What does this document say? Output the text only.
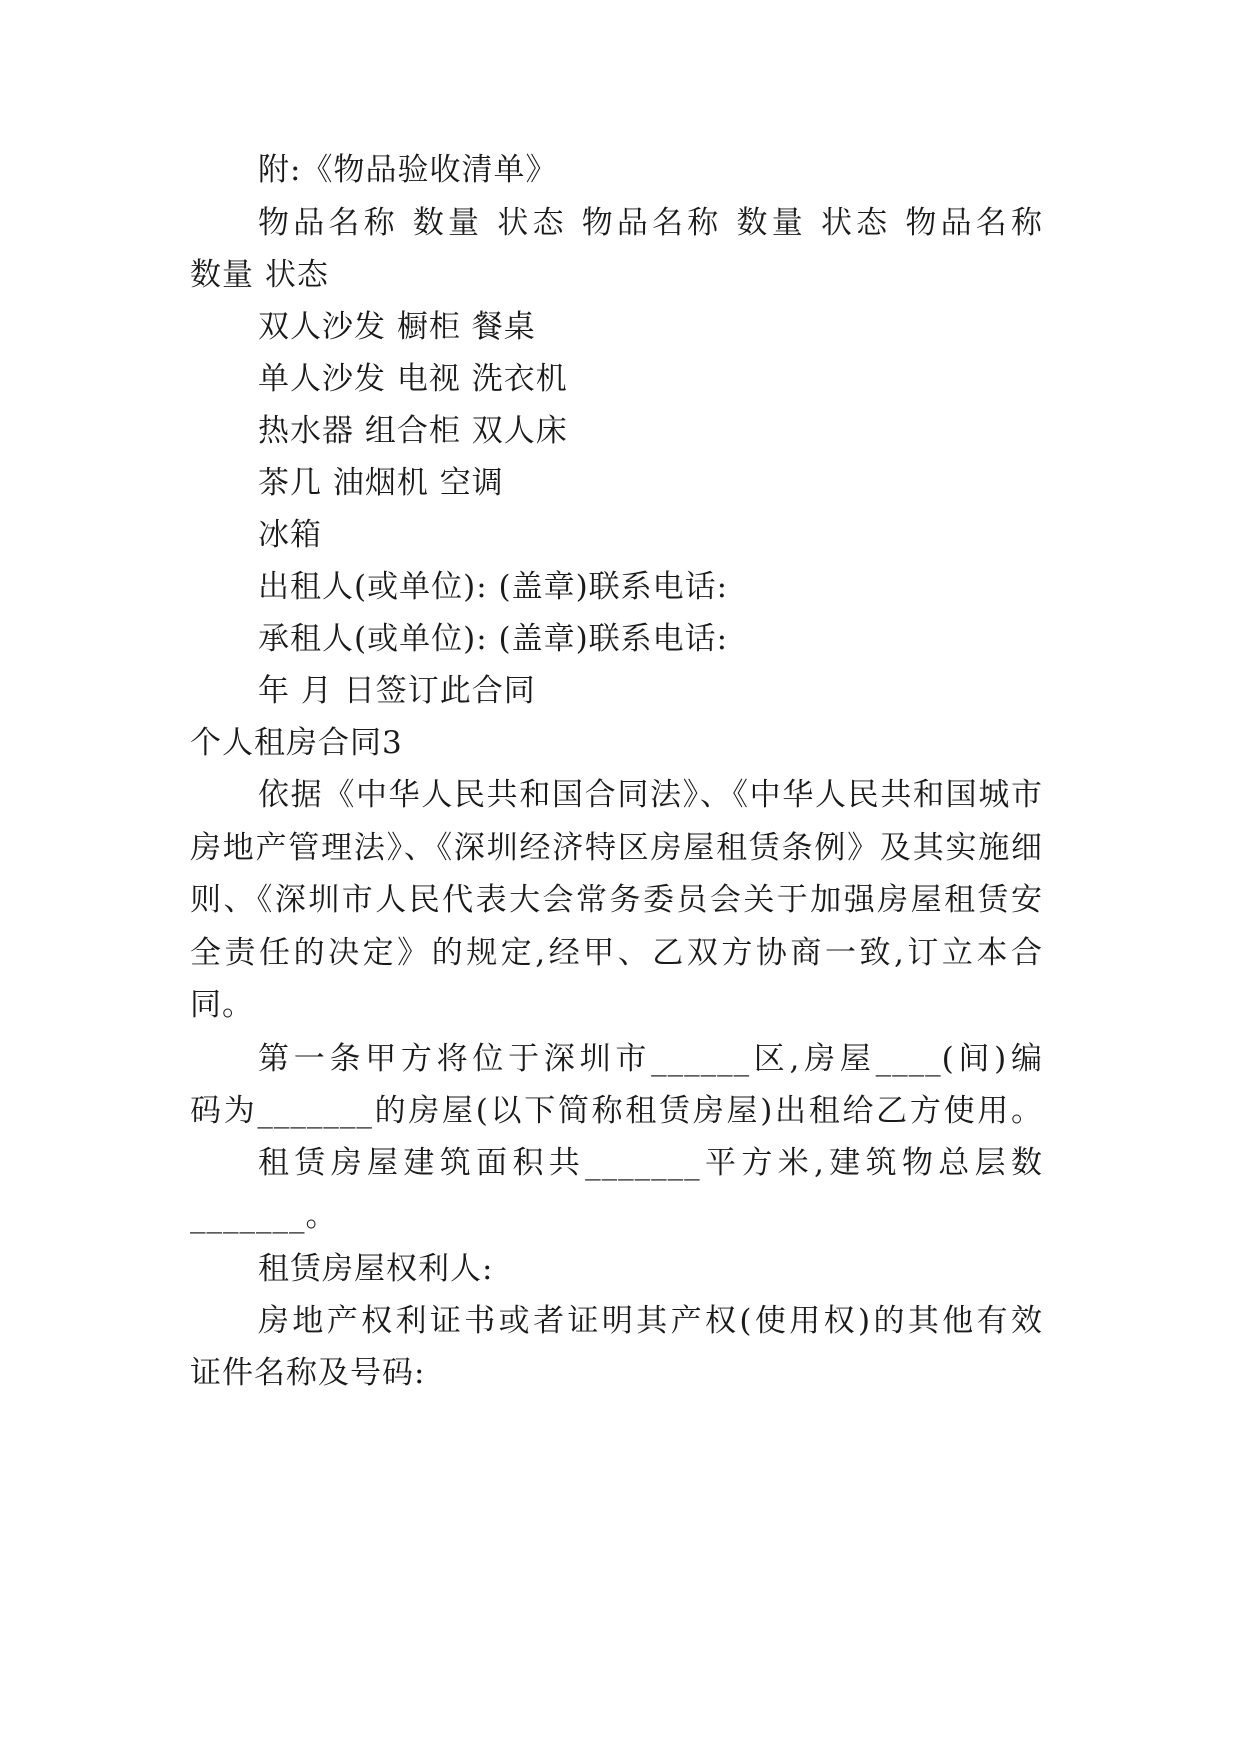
附:《物品验收清单》
物品名称 数量 状态 物品名称 数量 状态 物品名称
数量 状态
双人沙发 橱柜 餐桌
单人沙发 电视 洗衣机
热水器 组合柜 双人床
茶几 油烟机 空调
冰箱
出租人(或单位): (盖章)联系电话:
承租人(或单位): (盖章)联系电话:
年 月 日签订此合同
个人租房合同3
依据《中华人民共和国合同法》、《中华人民共和国城市
房地产管理法》、《深圳经济特区房屋租赁条例》及其实施细
则、《深圳市人民代表大会常务委员会关于加强房屋租赁安
全责任的决定》的规定,经甲、乙双方协商一致,订立本合
同。
第一条甲方将位于深圳市______区,房屋____(间)编
码为_______的房屋(以下简称租赁房屋)出租给乙方使用。
租赁房屋建筑面积共_______平方米,建筑物总层数
_______。
租赁房屋权利人:
房地产权利证书或者证明其产权(使用权)的其他有效
证件名称及号码:
